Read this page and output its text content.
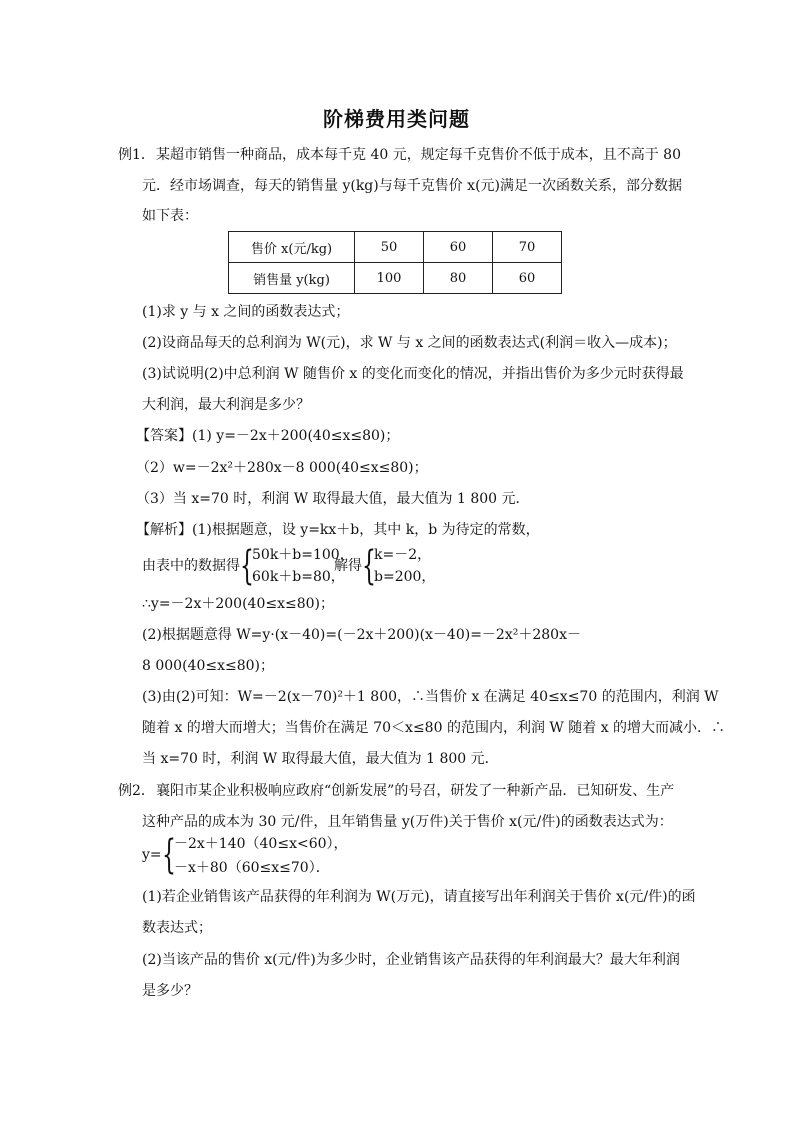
阶梯费用类问题
例1． 某超市销售一种商品，成本每千克 40 元，规定每千克售价不低于成本，且不高于 80
元．经市场调查，每天的销售量 y(kg)与每千克售价 x(元)满足一次函数关系，部分数据
如下表：
售价 x(元/kg)	50	60	70
销售量 y(kg)	100	80	60
(1)求 y 与 x 之间的函数表达式；
(2)设商品每天的总利润为 W(元)，求 W 与 x 之间的函数表达式(利润＝收入—成本)；
(3)试说明(2)中总利润 W 随售价 x 的变化而变化的情况，并指出售价为多少元时获得最
大利润，最大利润是多少？
【答案】(1) y=－2x＋200(40≤x≤80)；
（2）w=－2x²＋280x－8 000(40≤x≤80)；
（3）当 x=70 时，利润 W 取得最大值，最大值为 1 800 元．
【解析】(1)根据题意，设 y=kx＋b，其中 k，b 为待定的常数，
由表中的数据得 {
50k＋b=100，
60k＋b=80，
解得 {
k=－2，
b=200，
∴y=－2x＋200(40≤x≤80)；
(2)根据题意得 W=y·(x－40)=(－2x＋200)(x－40)=－2x²＋280x－
8 000(40≤x≤80)；
(3)由(2)可知：W=－2(x－70)²＋1 800，∴当售价 x 在满足 40≤x≤70 的范围内，利润 W
随着 x 的增大而增大；当售价在满足 70＜x≤80 的范围内，利润 W 随着 x 的增大而减小．∴
当 x=70 时，利润 W 取得最大值，最大值为 1 800 元．
例2． 襄阳市某企业积极响应政府“创新发展”的号召，研发了一种新产品．已知研发、生产
这种产品的成本为 30 元/件，且年销售量 y(万件)关于售价 x(元/件)的函数表达式为：
y= {
－2x＋140（40≤x<60），
－x＋80（60≤x≤70）．
(1)若企业销售该产品获得的年利润为 W(万元)，请直接写出年利润关于售价 x(元/件)的函
数表达式；
(2)当该产品的售价 x(元/件)为多少时，企业销售该产品获得的年利润最大？最大年利润
是多少？
